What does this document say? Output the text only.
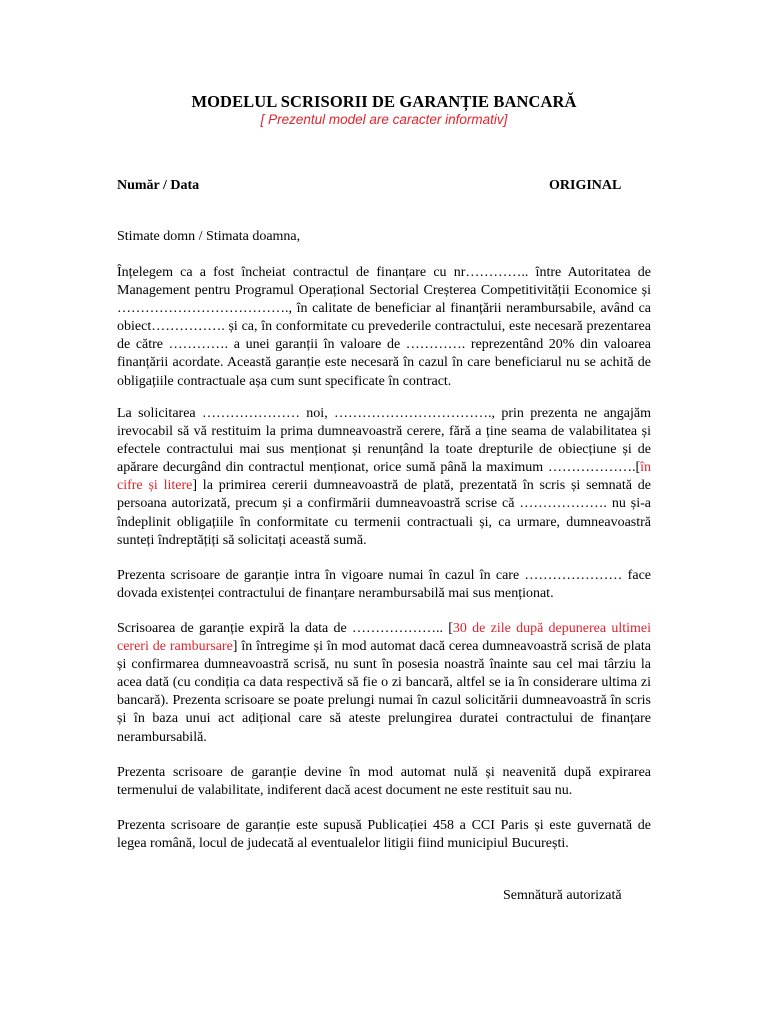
MODELUL SCRISORII DE GARANȚIE BANCARĂ
[ Prezentul model are caracter informativ]
Număr / Data	ORIGINAL
Stimate domn / Stimata doamna,

Înțelegem ca a fost încheiat contractul de finanțare cu nr………….. între Autoritatea de Management pentru Programul Operațional Sectorial Creșterea Competitivității Economice și ………………………………., în calitate de beneficiar al finanțării nerambursabile, având ca obiect……………. și ca, în conformitate cu prevederile contractului, este necesară prezentarea de către …………. a unei garanții în valoare de …………. reprezentând 20% din valoarea finanțării acordate. Această garanție este necesară în cazul în care beneficiarul nu se achită de obligațiile contractuale așa cum sunt specificate în contract.

La solicitarea ………………… noi, ……………………………., prin prezenta ne angajăm irevocabil să vă restituim la prima dumneavoastră cerere, fără a ține seama de valabilitatea și efectele contractului mai sus menționat și renunțând la toate drepturile de obiecțiune și de apărare decurgând din contractul menționat, orice sumă până la maximum ……………….[în cifre și litere] la primirea cererii dumneavoastră de plată, prezentată în scris și semnată de persoana autorizată, precum și a confirmării dumneavoastră scrise că ………………. nu și-a îndeplinit obligațiile în conformitate cu termenii contractuali și, ca urmare, dumneavoastră sunteți îndreptățiți să solicitați această sumă.

Prezenta scrisoare de garanție intra în vigoare numai în cazul în care ………………… face dovada existenței contractului de finanțare nerambursabilă mai sus menționat.

Scrisoarea de garanție expiră la data de ……………….. [30 de zile după depunerea ultimei cereri de rambursare] în întregime și în mod automat dacă cerea dumneavoastră scrisă de plata și confirmarea dumneavoastră scrisă, nu sunt în posesia noastră înainte sau cel mai târziu la acea dată (cu condiția ca data respectivă să fie o zi bancară, altfel se ia în considerare ultima zi bancară). Prezenta scrisoare se poate prelungi numai în cazul solicitării dumneavoastră în scris și în baza unui act adițional care să ateste prelungirea duratei contractului de finanțare nerambursabilă.

Prezenta scrisoare de garanție devine în mod automat nulă și neavenită după expirarea termenului de valabilitate, indiferent dacă acest document ne este restituit sau nu.

Prezenta scrisoare de garanție este supusă Publicației 458 a CCI Paris și este guvernată de legea română, locul de judecată al eventualelor litigii fiind municipiul București.

Semnătură autorizată
